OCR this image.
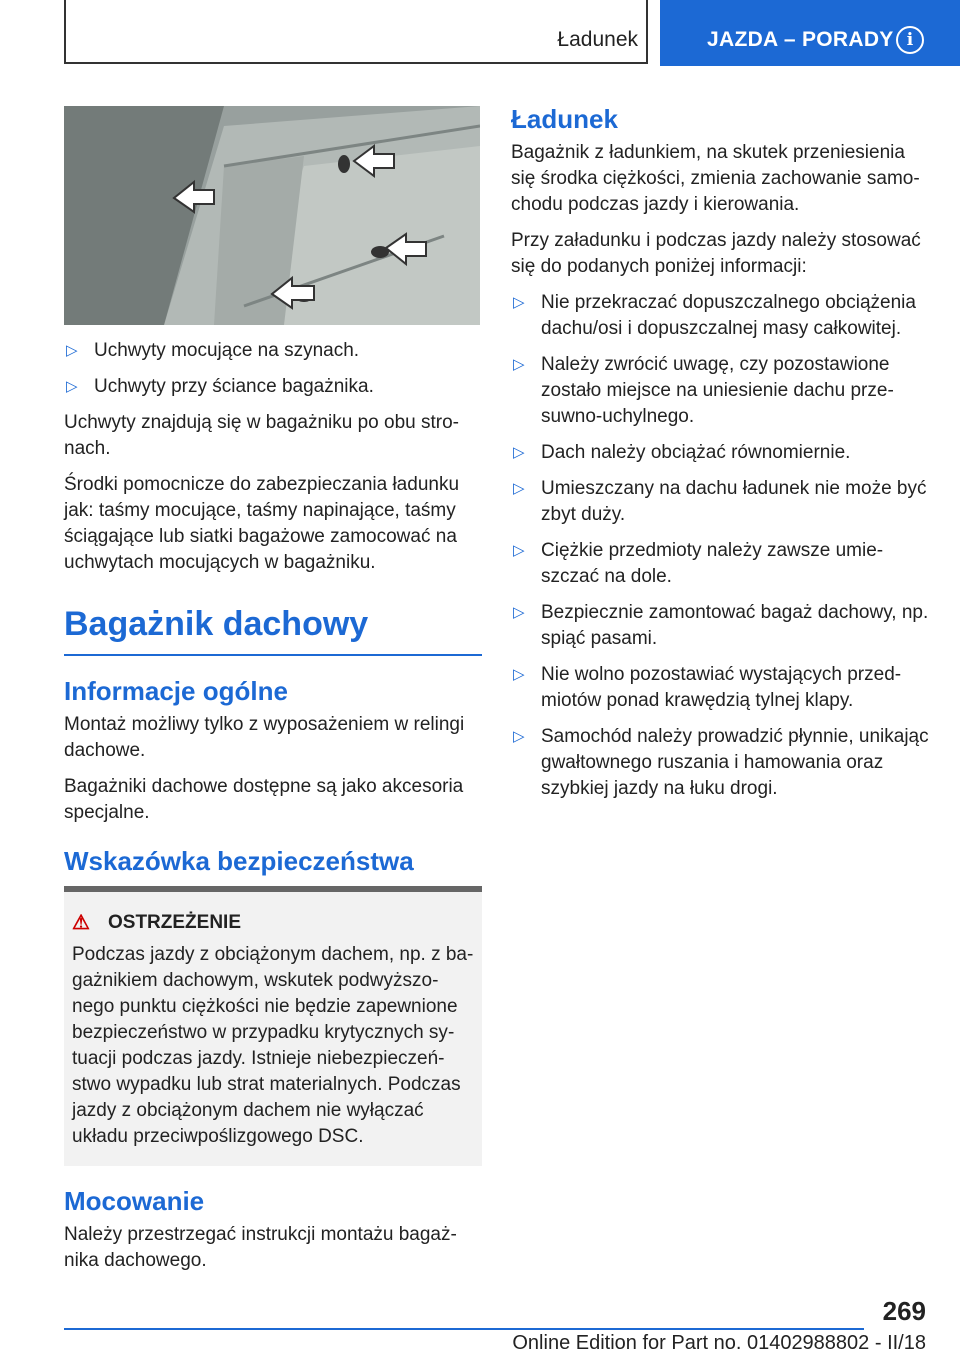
Ładunek	JAZDA – PORADY i
▷ Uchwyty mocujące na szynach.
▷ Uchwyty przy ściance bagażnika.

Uchwyty znajdują się w bagażniku po obu stronach.

Środki pomocnicze do zabezpieczania ładunku jak: taśmy mocujące, taśmy napinające, taśmy ściągające lub siatki bagażowe zamocować na uchwytach mocujących w bagażniku.

Bagażnik dachowy
Informacje ogólne

Montaż możliwy tylko z wyposażeniem w relingi dachowe.

Bagażniki dachowe dostępne są jako akcesoria specjalne.

Wskazówka bezpieczeństwa
⚠ OSTRZEŻENIE
Podczas jazdy z obciążonym dachem, np. z bagażnikiem dachowym, wskutek podwyższonego punktu ciężkości nie będzie zapewnione bezpieczeństwo w przypadku krytycznych sytuacji podczas jazdy. Istnieje niebezpieczeństwo wypadku lub strat materialnych. Podczas jazdy z obciążonym dachem nie wyłączać układu przeciwpoślizgowego DSC.
Mocowanie

Należy przestrzegać instrukcji montażu bagażnika dachowego.

Ładunek

Bagażnik z ładunkiem, na skutek przeniesienia się środka ciężkości, zmienia zachowanie samochodu podczas jazdy i kierowania.

Przy załadunku i podczas jazdy należy stosować się do podanych poniżej informacji:

▷ Nie przekraczać dopuszczalnego obciążenia dachu/osi i dopuszczalnej masy całkowitej.
▷ Należy zwrócić uwagę, czy pozostawione zostało miejsce na uniesienie dachu przesuwno-uchylnego.
▷ Dach należy obciążać równomiernie.
▷ Umieszczany na dachu ładunek nie może być zbyt duży.
▷ Ciężkie przedmioty należy zawsze umieszczać na dole.
▷ Bezpiecznie zamontować bagaż dachowy, np. spiąć pasami.
▷ Nie wolno pozostawiać wystających przedmiotów ponad krawędzią tylnej klapy.
▷ Samochód należy prowadzić płynnie, unikając gwałtownego ruszania i hamowania oraz szybkiej jazdy na łuku drogi.
269
Online Edition for Part no. 01402988802 - II/18
